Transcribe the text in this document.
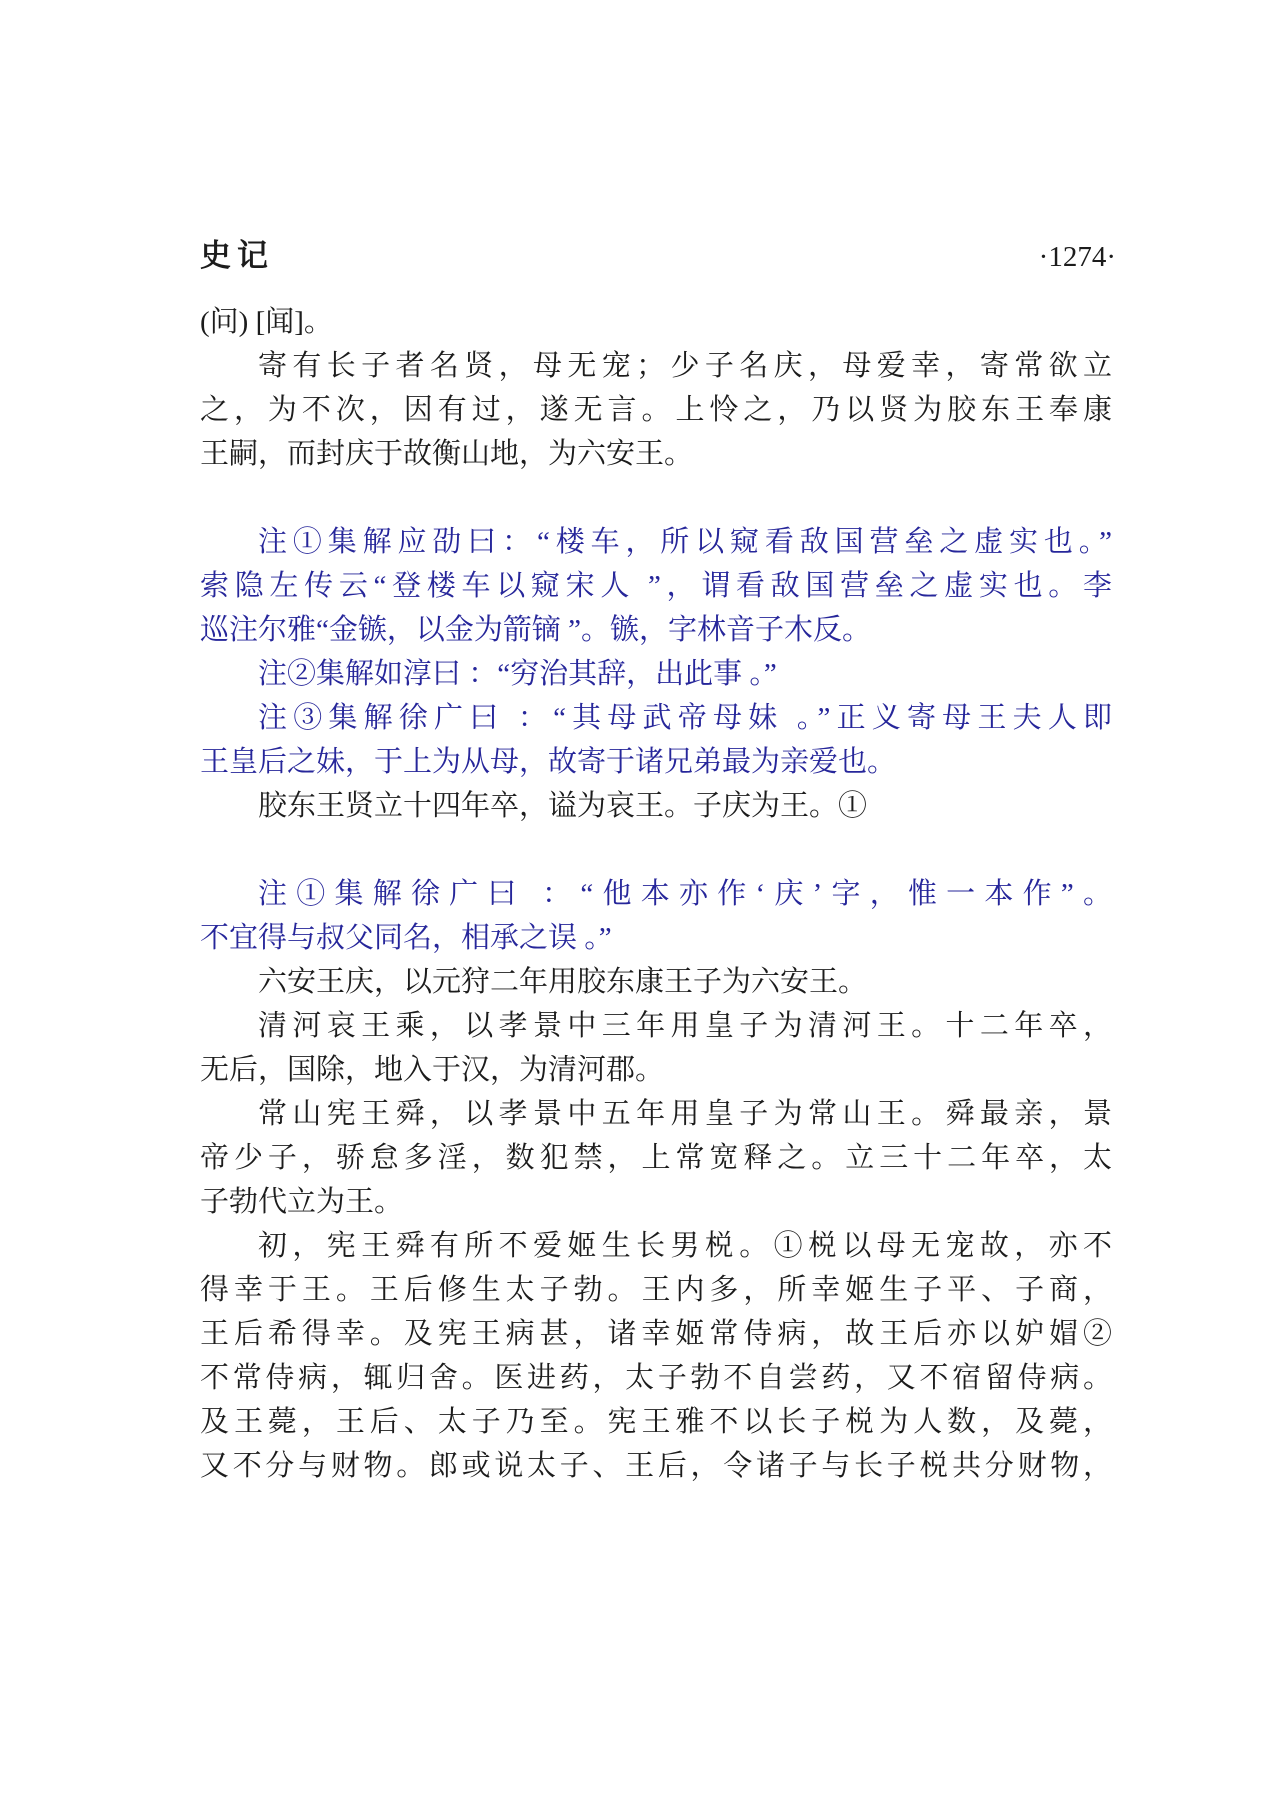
史记	·1274·
(问) [闻]。
寄有长子者名贤，母无宠；少子名庆，母爱幸，寄常欲立
之，为不次，因有过，遂无言。上怜之，乃以贤为胶东王奉康
王嗣，而封庆于故衡山地，为六安王。
注①集解应劭曰：“楼车，所以窥看敌国营垒之虚实也。”
索隐左传云“登楼车以窥宋人 ”，谓看敌国营垒之虚实也。李
巡注尔雅“金镞，以金为箭镝 ”。镞，字林音子木反。
注②集解如淳曰 ：“穷治其辞，出此事 。”
注③集解徐广曰 ：“其母武帝母妹 。”正义寄母王夫人即
王皇后之妹，于上为从母，故寄于诸兄弟最为亲爱也。
胶东王贤立十四年卒，谥为哀王。子庆为王。①
注①集解徐广曰 ：“他本亦作‘庆’字，惟一本作”。
不宜得与叔父同名，相承之误 。”
六安王庆，以元狩二年用胶东康王子为六安王。
清河哀王乘，以孝景中三年用皇子为清河王。十二年卒，
无后，国除，地入于汉，为清河郡。
常山宪王舜，以孝景中五年用皇子为常山王。舜最亲，景
帝少子，骄怠多淫，数犯禁，上常宽释之。立三十二年卒，太
子勃代立为王。
初，宪王舜有所不爱姬生长男棁。①棁以母无宠故，亦不
得幸于王。王后修生太子勃。王内多，所幸姬生子平、子商，
王后希得幸。及宪王病甚，诸幸姬常侍病，故王后亦以妒媢②
不常侍病，辄归舍。医进药，太子勃不自尝药，又不宿留侍病。
及王薨，王后、太子乃至。宪王雅不以长子棁为人数，及薨，
又不分与财物。郎或说太子、王后，令诸子与长子棁共分财物，
